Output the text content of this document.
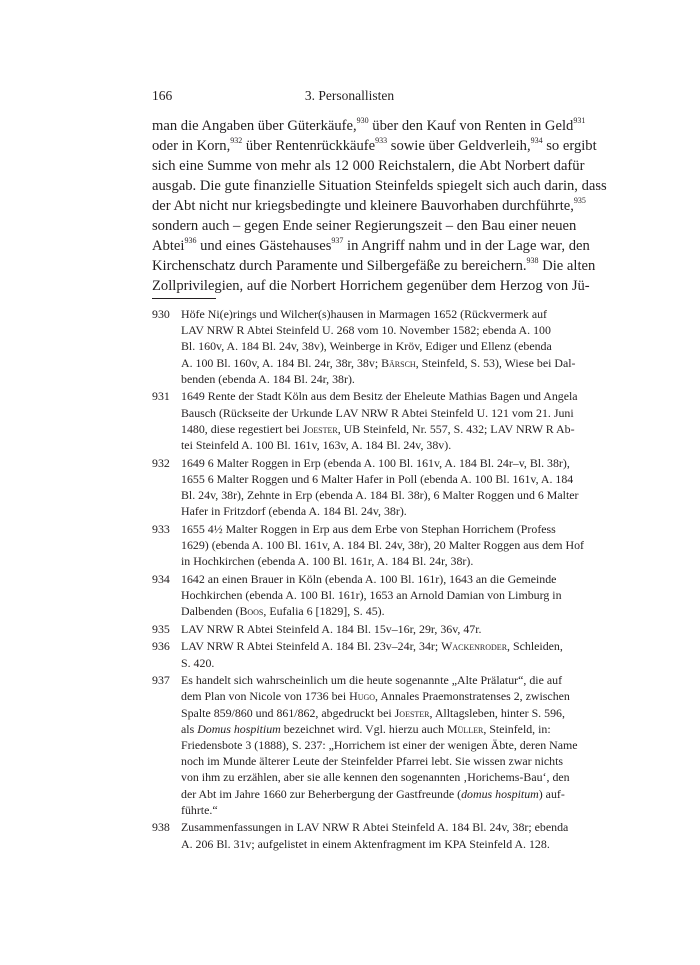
166	3. Personallisten
man die Angaben über Güterkäufe,$^{930}$ über den Kauf von Renten in Geld$^{931}$
oder in Korn,$^{932}$ über Rentenrückkäufe$^{933}$ sowie über Geldverleih,$^{934}$ so ergibt
sich eine Summe von mehr als 12 000 Reichstalern, die Abt Norbert dafür
ausgab. Die gute finanzielle Situation Steinfelds spiegelt sich auch darin, dass
der Abt nicht nur kriegsbedingte und kleinere Bauvorhaben durchführte,$^{935}$
sondern auch – gegen Ende seiner Regierungszeit – den Bau einer neuen
Abtei$^{936}$ und eines Gästehauses$^{937}$ in Angriff nahm und in der Lage war, den
Kirchenschatz durch Paramente und Silbergefäße zu bereichern.$^{938}$ Die alten
Zollprivilegien, auf die Norbert Horrichem gegenüber dem Herzog von Jü-
930 Höfe Ni(e)rings und Wilcher(s)hausen in Marmagen 1652 (Rückvermerk auf
LAV NRW R Abtei Steinfeld U. 268 vom 10. November 1582; ebenda A. 100
Bl. 160v, A. 184 Bl. 24v, 38v), Weinberge in Kröv, Ediger und Ellenz (ebenda
A. 100 Bl. 160v, A. 184 Bl. 24r, 38r, 38v; Bärsch, Steinfeld, S. 53), Wiese bei Dal-
benden (ebenda A. 184 Bl. 24r, 38r).
931 1649 Rente der Stadt Köln aus dem Besitz der Eheleute Mathias Bagen und Angela
Bausch (Rückseite der Urkunde LAV NRW R Abtei Steinfeld U. 121 vom 21. Juni
1480, diese regestiert bei Joester, UB Steinfeld, Nr. 557, S. 432; LAV NRW R Ab-
tei Steinfeld A. 100 Bl. 161v, 163v, A. 184 Bl. 24v, 38v).
932 1649 6 Malter Roggen in Erp (ebenda A. 100 Bl. 161v, A. 184 Bl. 24r–v, Bl. 38r),
1655 6 Malter Roggen und 6 Malter Hafer in Poll (ebenda A. 100 Bl. 161v, A. 184
Bl. 24v, 38r), Zehnte in Erp (ebenda A. 184 Bl. 38r), 6 Malter Roggen und 6 Malter
Hafer in Fritzdorf (ebenda A. 184 Bl. 24v, 38r).
933 1655 4½ Malter Roggen in Erp aus dem Erbe von Stephan Horrichem (Profess
1629) (ebenda A. 100 Bl. 161v, A. 184 Bl. 24v, 38r), 20 Malter Roggen aus dem Hof
in Hochkirchen (ebenda A. 100 Bl. 161r, A. 184 Bl. 24r, 38r).
934 1642 an einen Brauer in Köln (ebenda A. 100 Bl. 161r), 1643 an die Gemeinde
Hochkirchen (ebenda A. 100 Bl. 161r), 1653 an Arnold Damian von Limburg in
Dalbenden (Boos, Eufalia 6 [1829], S. 45).
935 LAV NRW R Abtei Steinfeld A. 184 Bl. 15v–16r, 29r, 36v, 47r.
936 LAV NRW R Abtei Steinfeld A. 184 Bl. 23v–24r, 34r; Wackenroder, Schleiden,
S. 420.
937 Es handelt sich wahrscheinlich um die heute sogenannte „Alte Prälatur“, die auf
dem Plan von Nicole von 1736 bei Hugo, Annales Praemonstratenses 2, zwischen
Spalte 859/860 und 861/862, abgedruckt bei Joester, Alltagsleben, hinter S. 596,
als Domus hospitium bezeichnet wird. Vgl. hierzu auch Müller, Steinfeld, in:
Friedensbote 3 (1888), S. 237: „Horrichem ist einer der wenigen Äbte, deren Name
noch im Munde älterer Leute der Steinfelder Pfarrei lebt. Sie wissen zwar nichts
von ihm zu erzählen, aber sie alle kennen den sogenannten ‚Horichems-Bau‘, den
der Abt im Jahre 1660 zur Beherbergung der Gastfreunde (domus hospitum) auf-
führte.“
938 Zusammenfassungen in LAV NRW R Abtei Steinfeld A. 184 Bl. 24v, 38r; ebenda
A. 206 Bl. 31v; aufgelistet in einem Aktenfragment im KPA Steinfeld A. 128.
